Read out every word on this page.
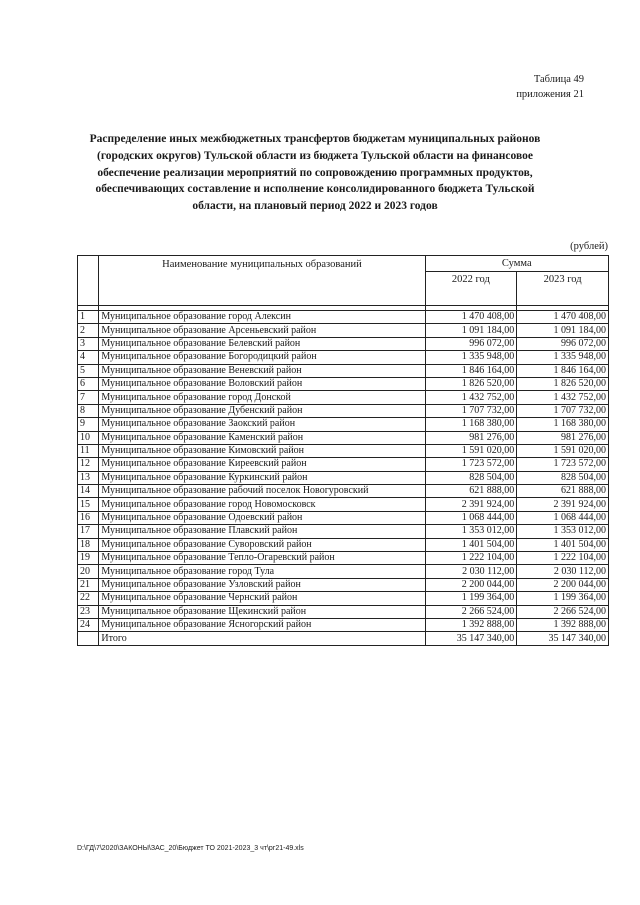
Таблица 49
приложения 21
Распределение иных межбюджетных трансфертов бюджетам муниципальных районов (городских округов) Тульской области из бюджета Тульской области на финансовое обеспечение реализации мероприятий по сопровождению программных продуктов, обеспечивающих составление и исполнение консолидированного бюджета Тульской области, на плановый период 2022 и 2023 годов
(рублей)
	Наименование муниципальных образований	Сумма	
		2022 год	2023 год

1	Муниципальное образование город Алексин	1 470 408,00	1 470 408,00
2	Муниципальное образование Арсеньевский район	1 091 184,00	1 091 184,00
3	Муниципальное образование Белевский район	996 072,00	996 072,00
4	Муниципальное образование Богородицкий район	1 335 948,00	1 335 948,00
5	Муниципальное образование Веневский район	1 846 164,00	1 846 164,00
6	Муниципальное образование Воловский район	1 826 520,00	1 826 520,00
7	Муниципальное образование город Донской	1 432 752,00	1 432 752,00
8	Муниципальное образование Дубенский район	1 707 732,00	1 707 732,00
9	Муниципальное образование Заокский район	1 168 380,00	1 168 380,00
10	Муниципальное образование Каменский район	981 276,00	981 276,00
11	Муниципальное образование Кимовский район	1 591 020,00	1 591 020,00
12	Муниципальное образование Киреевский район	1 723 572,00	1 723 572,00
13	Муниципальное образование Куркинский район	828 504,00	828 504,00
14	Муниципальное образование рабочий поселок Новогуровский	621 888,00	621 888,00
15	Муниципальное образование город Новомосковск	2 391 924,00	2 391 924,00
16	Муниципальное образование Одоевский район	1 068 444,00	1 068 444,00
17	Муниципальное образование Плавский район	1 353 012,00	1 353 012,00
18	Муниципальное образование Суворовский район	1 401 504,00	1 401 504,00
19	Муниципальное образование Тепло-Огаревский район	1 222 104,00	1 222 104,00
20	Муниципальное образование город Тула	2 030 112,00	2 030 112,00
21	Муниципальное образование Узловский район	2 200 044,00	2 200 044,00
22	Муниципальное образование Чернский район	1 199 364,00	1 199 364,00
23	Муниципальное образование Щекинский район	2 266 524,00	2 266 524,00
24	Муниципальное образование Ясногорский район	1 392 888,00	1 392 888,00
	Итого	35 147 340,00	35 147 340,00
D:\ГД\7\2020\ЗАКОНЫ\ЗАС_20\Бюджет ТО 2021-2023_3 чт\рг21-49.xls
